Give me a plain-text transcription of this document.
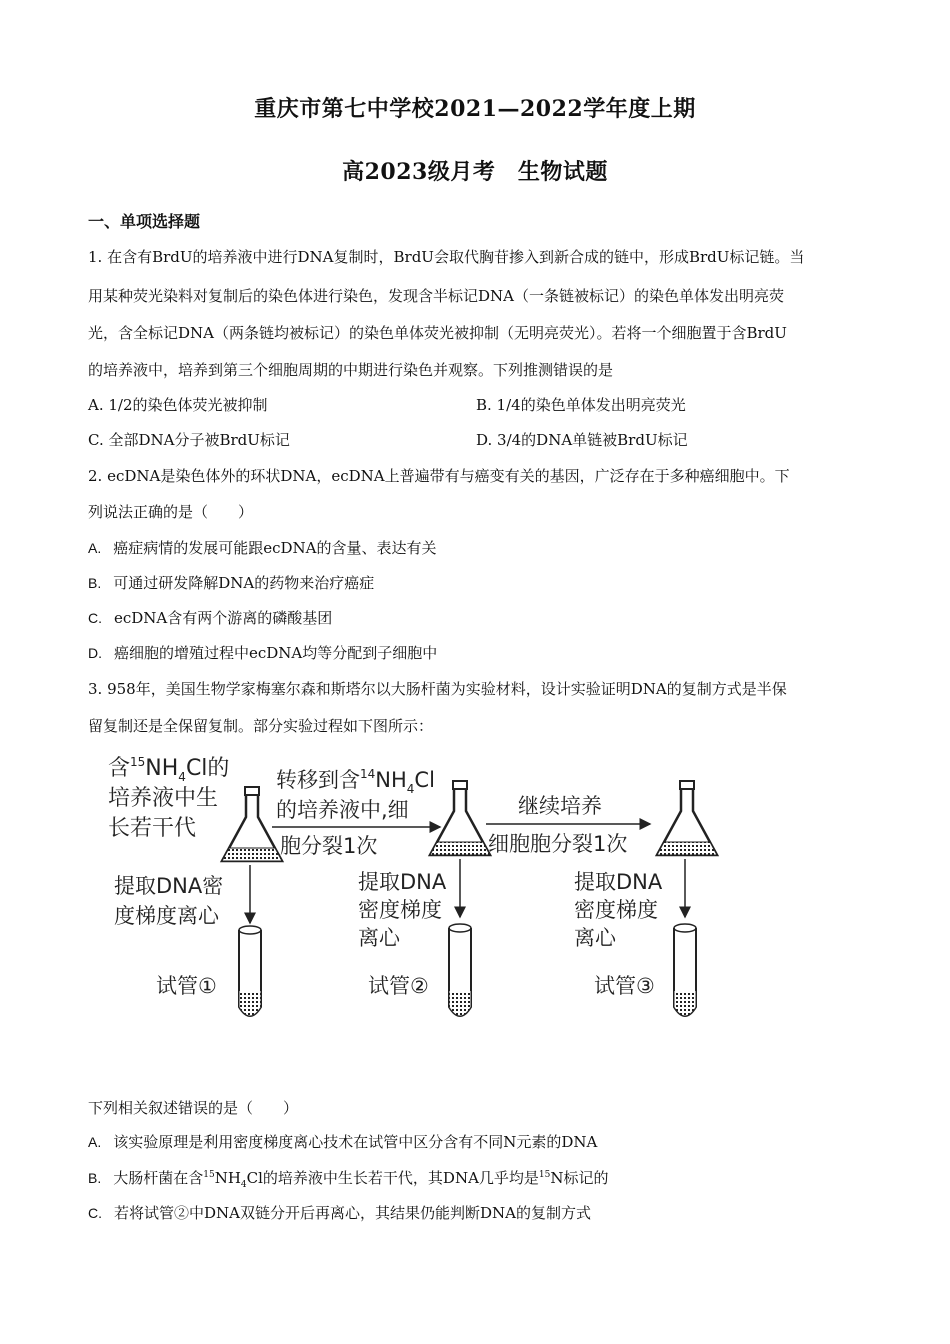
重庆市第七中学校2021—2022学年度上期
高2023级月考　生物试题
一、单项选择题
1. 在含有BrdU的培养液中进行DNA复制时，BrdU会取代胸苷掺入到新合成的链中，形成BrdU标记链。当
用某种荧光染料对复制后的染色体进行染色，发现含半标记DNA（一条链被标记）的染色单体发出明亮荧
光，含全标记DNA（两条链均被标记）的染色单体荧光被抑制（无明亮荧光）。若将一个细胞置于含BrdU
的培养液中，培养到第三个细胞周期的中期进行染色并观察。下列推测错误的是
A. 1/2的染色体荧光被抑制	B. 1/4的染色单体发出明亮荧光
C. 全部DNA分子被BrdU标记	D. 3/4的DNA单链被BrdU标记
2. ecDNA是染色体外的环状DNA，ecDNA上普遍带有与癌变有关的基因，广泛存在于多种癌细胞中。下
列说法正确的是（　　）
A. 癌症病情的发展可能跟ecDNA的含量、表达有关
B. 可通过研发降解DNA的药物来治疗癌症
C. ecDNA含有两个游离的磷酸基团
D. 癌细胞的增殖过程中ecDNA均等分配到子细胞中
3. 958年，美国生物学家梅塞尔森和斯塔尔以大肠杆菌为实验材料，设计实验证明DNA的复制方式是半保
留复制还是全保留复制。部分实验过程如下图所示：
含$^{15}NH_4Cl$的
培养液中生
长若干代
转移到含$^{14}NH_4Cl$
的培养液中,细
胞分裂1次
继续培养
细胞胞分裂1次
提取DNA密
度梯度离心
提取DNA
密度梯度
离心
提取DNA
密度梯度
离心
试管①	试管②	试管③
下列相关叙述错误的是（　　）
A. 该实验原理是利用密度梯度离心技术在试管中区分含有不同N元素的DNA
B. 大肠杆菌在含$^{15}NH_4Cl$的培养液中生长若干代，其DNA几乎均是$^{15}$N标记的
C. 若将试管②中DNA双链分开后再离心，其结果仍能判断DNA的复制方式
